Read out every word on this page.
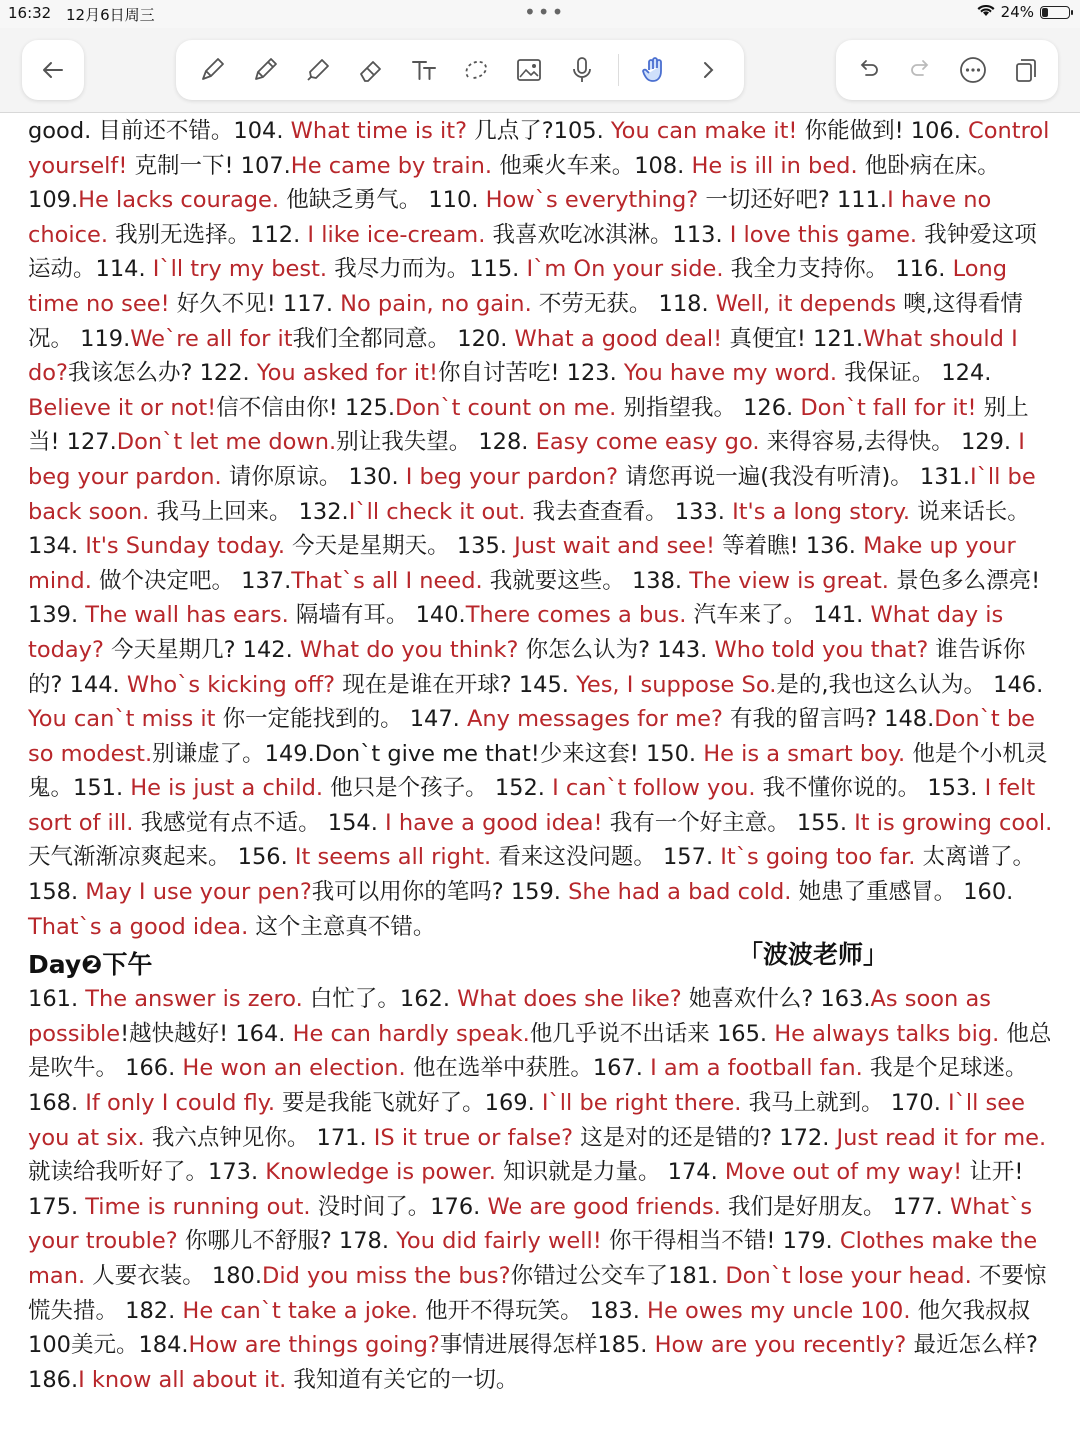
16:32 12月6日周三	•••	24%
good. 目前还不错。104. What time is it? 几点了?105. You can make it! 你能做到! 106. Control yourself! 克制一下! 107.He came by train. 他乘火车来。108. He is ill in bed. 他卧病在床。109.He lacks courage. 他缺乏勇气。 110. How`s everything? 一切还好吧? 111.I have no choice. 我别无选择。112. I like ice-cream. 我喜欢吃冰淇淋。113. I love this game. 我钟爱这项运动。114. I`ll try my best. 我尽力而为。115. I`m On your side. 我全力支持你。 116. Long time no see! 好久不见! 117. No pain, no gain. 不劳无获。 118. Well, it depends 噢,这得看情况。 119.We`re all for it我们全都同意。 120. What a good deal! 真便宜! 121.What should I do?我该怎么办? 122. You asked for it!你自讨苦吃! 123. You have my word. 我保证。 124. Believe it or not!信不信由你! 125.Don`t count on me. 别指望我。 126. Don`t fall for it! 别上当! 127.Don`t let me down.别让我失望。 128. Easy come easy go. 来得容易,去得快。 129. I beg your pardon. 请你原谅。 130. I beg your pardon? 请您再说一遍(我没有听清)。 131.I`ll be back soon. 我马上回来。 132.I`ll check it out. 我去查查看。 133. It's a long story. 说来话长。 134. It's Sunday today. 今天是星期天。 135. Just wait and see! 等着瞧! 136. Make up your mind. 做个决定吧。 137.That`s all I need. 我就要这些。 138. The view is great. 景色多么漂亮! 139. The wall has ears. 隔墙有耳。 140.There comes a bus. 汽车来了。 141. What day is today? 今天星期几? 142. What do you think? 你怎么认为? 143. Who told you that? 谁告诉你的? 144. Who`s kicking off? 现在是谁在开球? 145. Yes, I suppose So.是的,我也这么认为。 146. You can`t miss it 你一定能找到的。 147. Any messages for me? 有我的留言吗? 148.Don`t be so modest.别谦虚了。149.Don`t give me that!少来这套! 150. He is a smart boy. 他是个小机灵鬼。151. He is just a child. 他只是个孩子。 152. I can`t follow you. 我不懂你说的。 153. I felt sort of ill. 我感觉有点不适。 154. I have a good idea! 我有一个好主意。 155. It is growing cool. 天气渐渐凉爽起来。 156. It seems all right. 看来这没问题。 157. It`s going too far. 太离谱了。 158. May I use your pen?我可以用你的笔吗? 159. She had a bad cold. 她患了重感冒。 160. That`s a good idea. 这个主意真不错。
Day❷下午	「波波老师」
161. The answer is zero. 白忙了。162. What does she like? 她喜欢什么? 163.As soon as possible!越快越好! 164. He can hardly speak.他几乎说不出话来 165. He always talks big. 他总是吹牛。 166. He won an election. 他在选举中获胜。167. I am a football fan. 我是个足球迷。168. If only I could fly. 要是我能飞就好了。169. I`ll be right there. 我马上就到。 170. I`ll see you at six. 我六点钟见你。 171. IS it true or false? 这是对的还是错的? 172. Just read it for me. 就读给我听好了。173. Knowledge is power. 知识就是力量。 174. Move out of my way! 让开! 175. Time is running out. 没时间了。176. We are good friends. 我们是好朋友。 177. What`s your trouble? 你哪儿不舒服? 178. You did fairly well! 你干得相当不错! 179. Clothes make the man. 人要衣装。 180.Did you miss the bus?你错过公交车了181. Don`t lose your head. 不要惊慌失措。 182. He can`t take a joke. 他开不得玩笑。 183. He owes my uncle 100. 他欠我叔叔100美元。184.How are things going?事情进展得怎样185. How are you recently? 最近怎么样? 186.I know all about it. 我知道有关它的一切。
